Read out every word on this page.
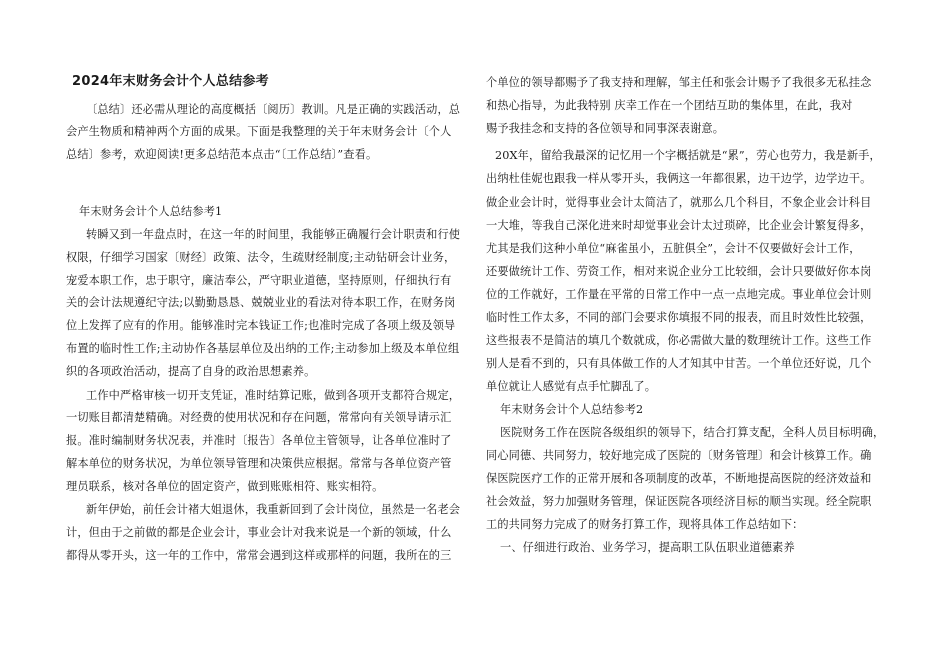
2024年末财务会计个人总结参考
〔总结〕还必需从理论的高度概括〔阅历〕教训。凡是正确的实践活动，总
会产生物质和精神两个方面的成果。下面是我整理的关于年末财务会计〔个人
总结〕参考，欢迎阅读!更多总结范本点击“〔工作总结〕”查看。
年末财务会计个人总结参考1
转瞬又到一年盘点时，在这一年的时间里，我能够正确履行会计职责和行使
权限，仔细学习国家〔财经〕政策、法令，生疏财经制度;主动钻研会计业务，
宠爱本职工作，忠于职守，廉洁奉公，严守职业道德，坚持原则，仔细执行有
关的会计法规遵纪守法;以勤勤恳恳、兢兢业业的看法对待本职工作，在财务岗
位上发挥了应有的作用。能够准时完本钱证工作;也准时完成了各项上级及领导
布置的临时性工作;主动协作各基层单位及出纳的工作;主动参加上级及本单位组
织的各项政治活动，提高了自身的政治思想素养。
工作中严格审核一切开支凭证，准时结算记账，做到各项开支都符合规定，
一切账目都清楚精确。对经费的使用状况和存在问题，常常向有关领导请示汇
报。准时编制财务状况表，并准时〔报告〕各单位主管领导，让各单位准时了
解本单位的财务状况，为单位领导管理和决策供应根据。常常与各单位资产管
理员联系，核对各单位的固定资产，做到账账相符、账实相符。
新年伊始，前任会计褚大姐退休，我重新回到了会计岗位，虽然是一名老会
计，但由于之前做的都是企业会计，事业会计对我来说是一个新的领域，什么
都得从零开头，这一年的工作中，常常会遇到这样或那样的问题，我所在的三
个单位的领导都赐予了我支持和理解，邹主任和张会计赐予了我很多无私挂念
和热心指导，为此我特别 庆幸工作在一个团结互助的集体里，在此，我对
赐予我挂念和支持的各位领导和同事深表谢意。
20X年，留给我最深的记忆用一个字概括就是“累”，劳心也劳力，我是新手，
出纳杜佳妮也跟我一样从零开头，我俩这一年都很累，边干边学，边学边干。
做企业会计时，觉得事业会计太简洁了，就那么几个科目，不象企业会计科目
一大堆，等我自己深化进来时却觉事业会计太过琐碎，比企业会计繁复得多，
尤其是我们这种小单位“麻雀虽小，五脏俱全”，会计不仅要做好会计工作，
还要做统计工作、劳资工作，相对来说企业分工比较细，会计只要做好你本岗
位的工作就好，工作量在平常的日常工作中一点一点地完成。事业单位会计则
临时性工作太多，不同的部门会要求你填报不同的报表，而且时效性比较强，
这些报表不是简洁的填几个数就成，你必需做大量的数理统计工作。这些工作
别人是看不到的，只有具体做工作的人才知其中甘苦。一个单位还好说，几个
单位就让人感觉有点手忙脚乱了。
年末财务会计个人总结参考2
医院财务工作在医院各级组织的领导下，结合打算支配，全科人员目标明确，
同心同德、共同努力，较好地完成了医院的〔财务管理〕和会计核算工作。确
保医院医疗工作的正常开展和各项制度的改革，不断地提高医院的经济效益和
社会效益，努力加强财务管理，保证医院各项经济目标的顺当实现。经全院职
工的共同努力完成了的财务打算工作，现将具体工作总结如下：
一、仔细进行政治、业务学习，提高职工队伍职业道德素养
